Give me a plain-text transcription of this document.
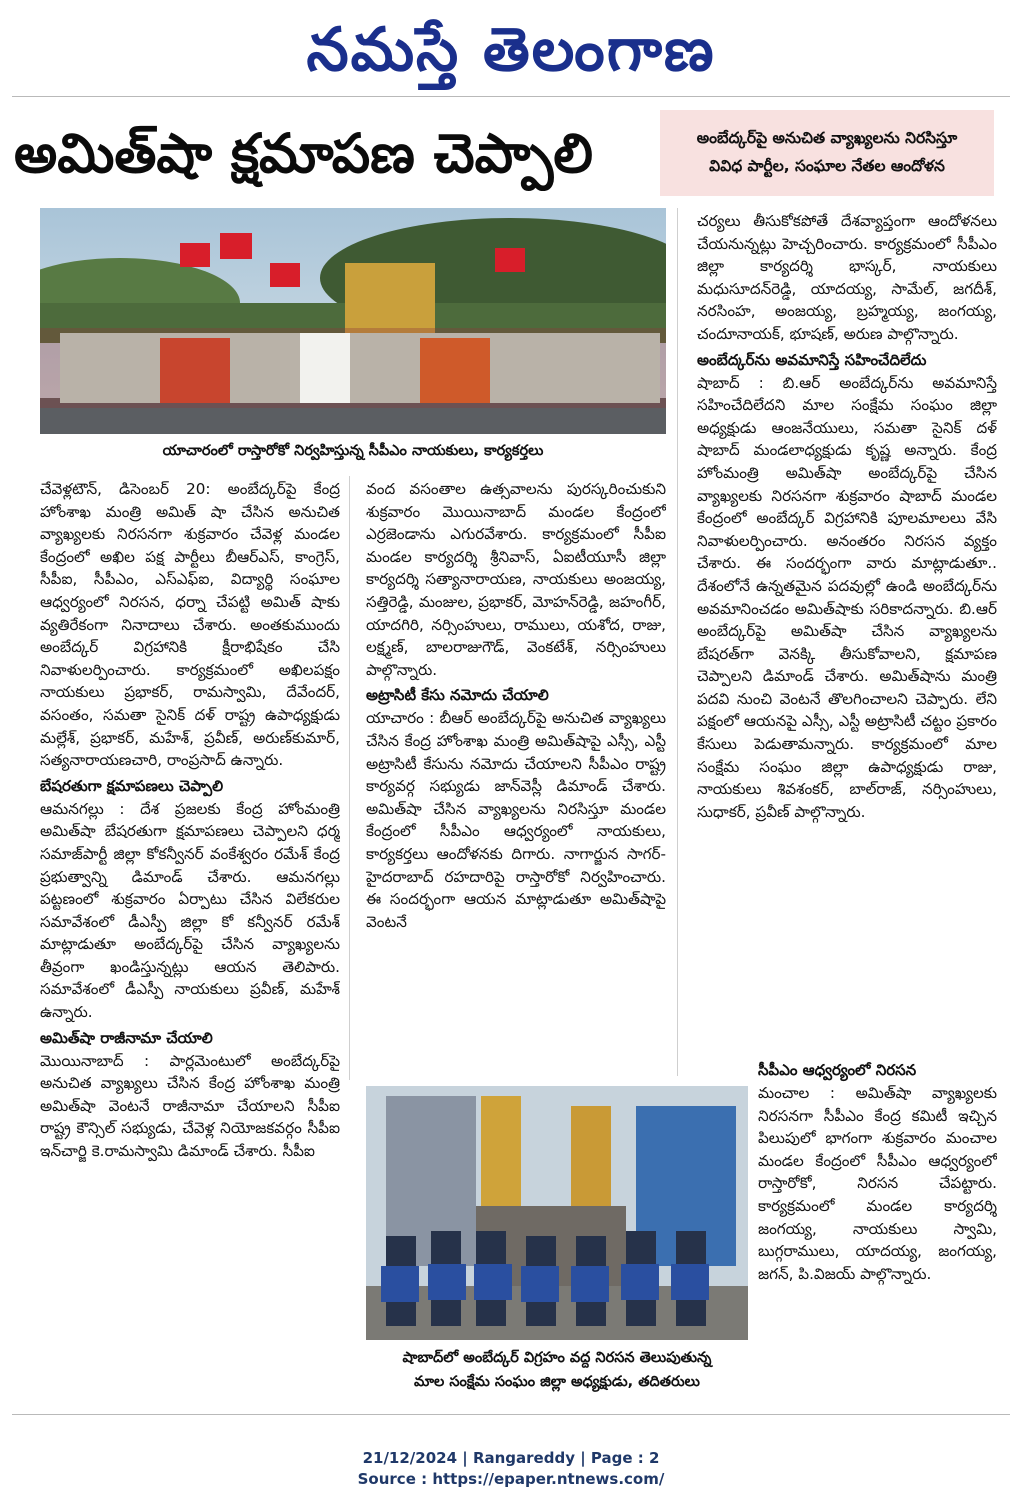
నమస్తే తెలంగాణ
అమిత్‌షా క్షమాపణ చెప్పాలి	అంబేద్కర్‌పై అనుచిత వ్యాఖ్యలను నిరసిస్తూ
వివిధ పార్టీల, సంఘాల నేతల ఆందోళన
యాచారంలో రాస్తారోకో నిర్వహిస్తున్న సీపీఎం నాయకులు, కార్యకర్తలు

చేవెళ్లటౌన్, డిసెంబర్ 20: అంబేద్కర్‌పై కేంద్ర హోంశాఖ మంత్రి అమిత్ షా చేసిన అనుచిత వ్యాఖ్యలకు నిరసనగా శుక్రవారం చేవెళ్ల మండల కేంద్రంలో అఖిల పక్ష పార్టీలు బీఆర్‌ఎస్, కాంగ్రెస్, సీపీఐ, సీపీఎం, ఎస్‌ఎఫ్‌ఐ, విద్యార్థి సంఘాల ఆధ్వర్యంలో నిరసన, ధర్నా చేపట్టి అమిత్ షాకు వ్యతిరేకంగా నినాదాలు చేశారు. అంతకుముందు అంబేద్కర్ విగ్రహానికి క్షీరాభిషేకం చేసి నివాళులర్పించారు. కార్యక్రమంలో అఖిలపక్షం నాయకులు ప్రభాకర్, రామస్వామి, దేవేందర్, వసంతం, సమతా సైనిక్ దళ్ రాష్ట్ర ఉపాధ్యక్షుడు మల్లేశ్, ప్రభాకర్, మహేశ్, ప్రవీణ్, అరుణ్‌కుమార్, సత్యనారాయణచారి, రాంప్రసాద్ ఉన్నారు.

బేషరతుగా క్షమాపణలు చెప్పాలి

ఆమనగల్లు : దేశ ప్రజలకు కేంద్ర హోంమంత్రి అమిత్‌షా బేషరతుగా క్షమాపణలు చెప్పాలని ధర్మ సమాజ్‌పార్టీ జిల్లా కోకన్వీనర్ వంకేశ్వరం రమేశ్ కేంద్ర ప్రభుత్వాన్ని డిమాండ్ చేశారు. ఆమనగల్లు పట్టణంలో శుక్రవారం ఏర్పాటు చేసిన విలేకరుల సమావేశంలో డీఎస్పీ జిల్లా కో కన్వీనర్ రమేశ్ మాట్లాడుతూ అంబేద్కర్‌పై చేసిన వ్యాఖ్యలను తీవ్రంగా ఖండిస్తున్నట్లు ఆయన తెలిపారు. సమావేశంలో డీఎస్పీ నాయకులు ప్రవీణ్, మహేశ్ ఉన్నారు.

అమిత్‌షా రాజీనామా చేయాలి

మొయినాబాద్ : పార్లమెంటులో అంబేద్కర్‌పై అనుచిత వ్యాఖ్యలు చేసిన కేంద్ర హోంశాఖ మంత్రి అమిత్‌షా వెంటనే రాజీనామా చేయాలని సీపీఐ రాష్ట్ర కౌన్సిల్ సభ్యుడు, చేవెళ్ల నియోజకవర్గం సీపీఐ ఇన్‌చార్జి కె.రామస్వామి డిమాండ్ చేశారు. సీపీఐ

వంద వసంతాల ఉత్సవాలను పురస్కరించుకుని శుక్రవారం మొయినాబాద్ మండల కేంద్రంలో ఎర్రజెండాను ఎగురవేశారు. కార్యక్రమంలో సీపీఐ మండల కార్యదర్శి శ్రీనివాస్, ఏఐటీయూసీ జిల్లా కార్యదర్శి సత్యానారాయణ, నాయకులు అంజయ్య, సత్తిరెడ్డి, మంజుల, ప్రభాకర్, మోహన్‌రెడ్డి, జహంగీర్, యాదగిరి, నర్సింహులు, రాములు, యశోద, రాజు, లక్ష్మణ్, బాలరాజుగౌడ్, వెంకటేశ్, నర్సింహులు పాల్గొన్నారు.

అట్రాసిటీ కేసు నమోదు చేయాలి

యాచారం : బీఆర్ అంబేద్కర్‌పై అనుచిత వ్యాఖ్యలు చేసిన కేంద్ర హోంశాఖ మంత్రి అమిత్‌షాపై ఎస్సీ, ఎస్టీ అట్రాసిటీ కేసును నమోదు చేయాలని సీపీఎం రాష్ట్ర కార్యవర్గ సభ్యుడు జాన్‌వెస్లీ డిమాండ్ చేశారు. అమిత్‌షా చేసిన వ్యాఖ్యలను నిరసిస్తూ మండల కేంద్రంలో సీపీఎం ఆధ్వర్యంలో నాయకులు, కార్యకర్తలు ఆందోళనకు దిగారు. నాగార్జున సాగర్-హైదరాబాద్ రహదారిపై రాస్తారోకో నిర్వహించారు. ఈ సందర్భంగా ఆయన మాట్లాడుతూ అమిత్‌షాపై వెంటనే

షాబాద్‌లో అంబేద్కర్ విగ్రహం వద్ద నిరసన తెలుపుతున్న
మాల సంక్షేమ సంఘం జిల్లా అధ్యక్షుడు, తదితరులు

చర్యలు తీసుకోకపోతే దేశవ్యాప్తంగా ఆందోళనలు చేయనున్నట్లు హెచ్చరించారు. కార్యక్రమంలో సీపీఎం జిల్లా కార్యదర్శి భాస్కర్, నాయకులు మధుసూదన్‌రెడ్డి, యాదయ్య, సామేల్, జగదీశ్, నరసింహ, అంజయ్య, బ్రహ్మయ్య, జంగయ్య, చందూనాయక్, భూషణ్, అరుణ పాల్గొన్నారు.

అంబేద్కర్‌ను అవమానిస్తే సహించేదిలేదు

షాబాద్ : బి.ఆర్ అంబేద్కర్‌ను అవమానిస్తే సహించేదిలేదని మాల సంక్షేమ సంఘం జిల్లా అధ్యక్షుడు ఆంజనేయులు, సమతా సైనిక్ దళ్ షాబాద్ మండలాధ్యక్షుడు కృష్ణ అన్నారు. కేంద్ర హోంమంత్రి అమిత్‌షా అంబేద్కర్‌పై చేసిన వ్యాఖ్యలకు నిరసనగా శుక్రవారం షాబాద్ మండల కేంద్రంలో అంబేద్కర్ విగ్రహానికి పూలమాలలు వేసి నివాళులర్పించారు. అనంతరం నిరసన వ్యక్తం చేశారు. ఈ సందర్భంగా వారు మాట్లాడుతూ.. దేశంలోనే ఉన్నతమైన పదవుల్లో ఉండి అంబేద్కర్‌ను అవమానించడం అమిత్‌షాకు సరికాదన్నారు. బి.ఆర్ అంబేద్కర్‌పై అమిత్‌షా చేసిన వ్యాఖ్యలను బేషరత్‌గా వెనక్కి తీసుకోవాలని, క్షమాపణ చెప్పాలని డిమాండ్ చేశారు. అమిత్‌షాను మంత్రి పదవి నుంచి వెంటనే తొలగించాలని చెప్పారు. లేని పక్షంలో ఆయనపై ఎస్సీ, ఎస్టీ అట్రాసిటీ చట్టం ప్రకారం కేసులు పెడుతామన్నారు. కార్యక్రమంలో మాల సంక్షేమ సంఘం జిల్లా ఉపాధ్యక్షుడు రాజు, నాయకులు శివశంకర్, బాల్‌రాజ్, నర్సింహులు, సుధాకర్, ప్రవీణ్ పాల్గొన్నారు.

సీపీఎం ఆధ్వర్యంలో నిరసన

మంచాల : అమిత్‌షా వ్యాఖ్యలకు నిరసనగా సీపీఎం కేంద్ర కమిటీ ఇచ్చిన పిలుపులో భాగంగా శుక్రవారం మంచాల మండల కేంద్రంలో సీపీఎం ఆధ్వర్యంలో రాస్తారోకో, నిరసన చేపట్టారు. కార్యక్రమంలో మండల కార్యదర్శి జంగయ్య, నాయకులు స్వామి, బుగ్గరాములు, యాదయ్య, జంగయ్య, జగన్, పి.విజయ్ పాల్గొన్నారు.

21/12/2024 | Rangareddy | Page : 2
Source : https://epaper.ntnews.com/
